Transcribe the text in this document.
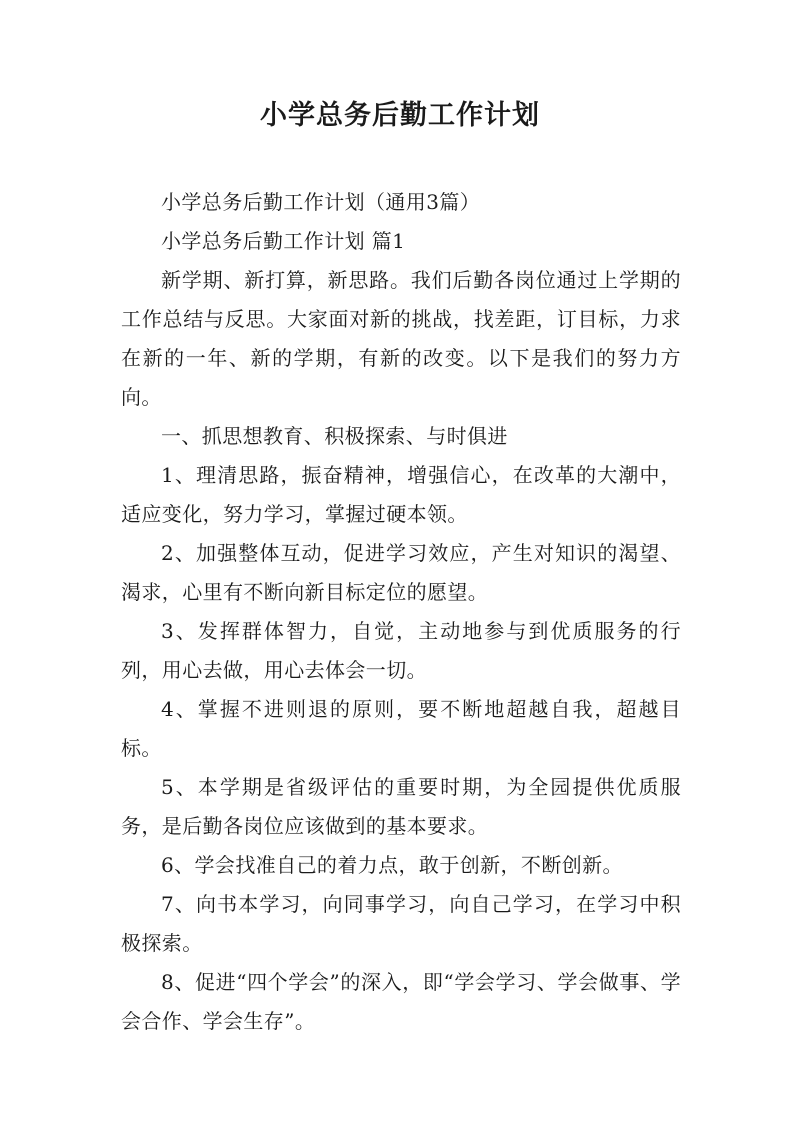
小学总务后勤工作计划

小学总务后勤工作计划（通用3篇）

小学总务后勤工作计划 篇1

新学期、新打算，新思路。我们后勤各岗位通过上学期的工作总结与反思。大家面对新的挑战，找差距，订目标，力求在新的一年、新的学期，有新的改变。以下是我们的努力方向。

一、抓思想教育、积极探索、与时俱进

1、理清思路，振奋精神，增强信心，在改革的大潮中，适应变化，努力学习，掌握过硬本领。

2、加强整体互动，促进学习效应，产生对知识的渴望、渴求，心里有不断向新目标定位的愿望。

3、发挥群体智力，自觉，主动地参与到优质服务的行列，用心去做，用心去体会一切。

4、掌握不进则退的原则，要不断地超越自我，超越目标。

5、本学期是省级评估的重要时期，为全园提供优质服务，是后勤各岗位应该做到的基本要求。

6、学会找准自己的着力点，敢于创新，不断创新。

7、向书本学习，向同事学习，向自己学习，在学习中积极探索。

8、促进“四个学会”的深入，即“学会学习、学会做事、学会合作、学会生存”。
